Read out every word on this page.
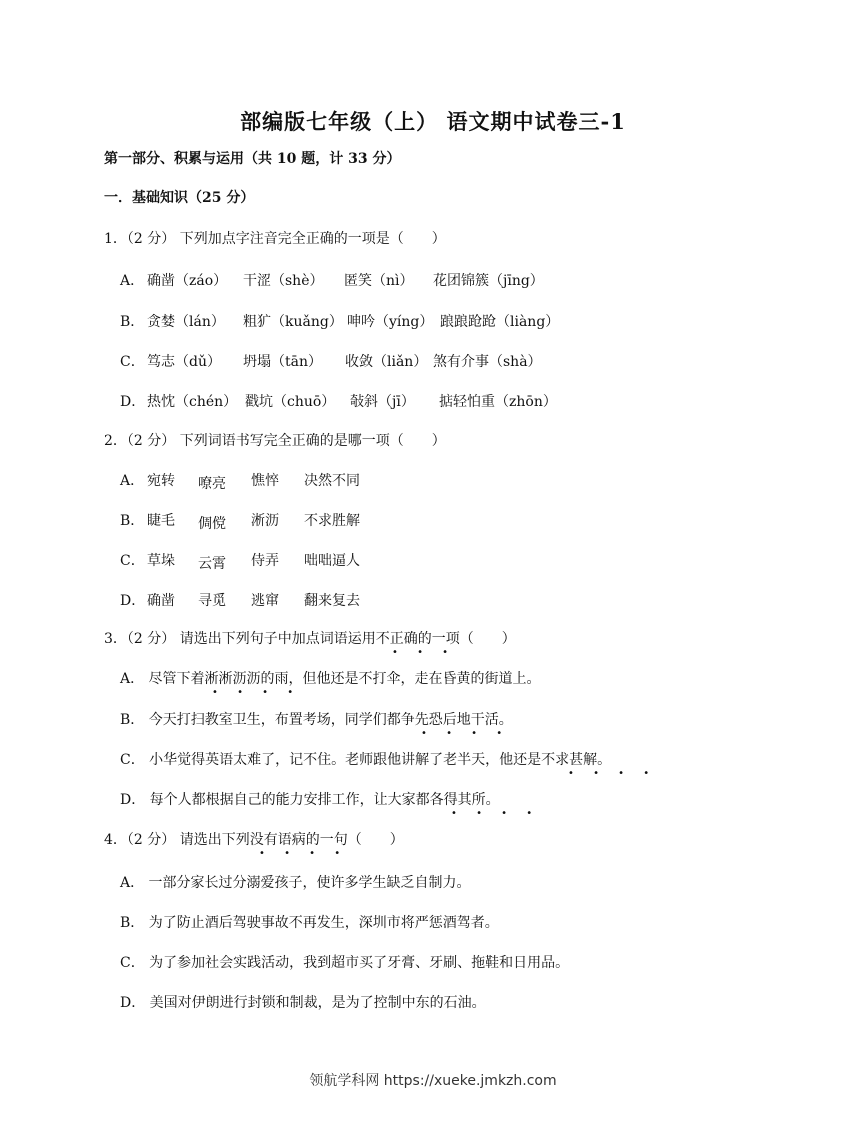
部编版七年级（上） 语文期中试卷三-1
第一部分、积累与运用（共 10 题，计 33 分）
一．基础知识（25 分）
1．（2 分） 下列加点字注音完全正确的一项是（　　）
A． 确凿（záo） 干涩（shè） 匿笑（nì） 花团锦簇（jīng）
B． 贪婪（lán） 粗犷（kuǎng） 呻吟（yíng） 踉踉跄跄（liàng）
C． 笃志（dǔ） 坍塌（tān） 收敛（liǎn） 煞有介事（shà）
D． 热忱（chén） 戳坑（chuō） 敧斜（jī） 掂轻怕重（zhōn）
2．（2 分） 下列词语书写完全正确的是哪一项（　　）
A． 宛转 嘹亮 憔悴 决然不同
B． 睫毛 倜傥 淅沥 不求胜解
C． 草垛 云霄 侍弄 咄咄逼人
D． 确凿 寻觅 逃窜 翻来复去
3．（2 分） 请选出下列句子中加点词语运用不正确的一项（　　）
• • •
A． 尽管下着淅淅沥沥的雨，但他还是不打伞，走在昏黄的街道上。
• • • •
B． 今天打扫教室卫生，布置考场，同学们都争先恐后地干活。
• • • •
C． 小华觉得英语太难了，记不住。老师跟他讲解了老半天，他还是不求甚解。
• • • •
D． 每个人都根据自己的能力安排工作，让大家都各得其所。
• • • •
4．（2 分） 请选出下列没有语病的一句（　　）
• • • •
A． 一部分家长过分溺爱孩子，使许多学生缺乏自制力。
B． 为了防止酒后驾驶事故不再发生，深圳市将严惩酒驾者。
C． 为了参加社会实践活动，我到超市买了牙膏、牙刷、拖鞋和日用品。
D． 美国对伊朗进行封锁和制裁，是为了控制中东的石油。
领航学科网 https://xueke.jmkzh.com
